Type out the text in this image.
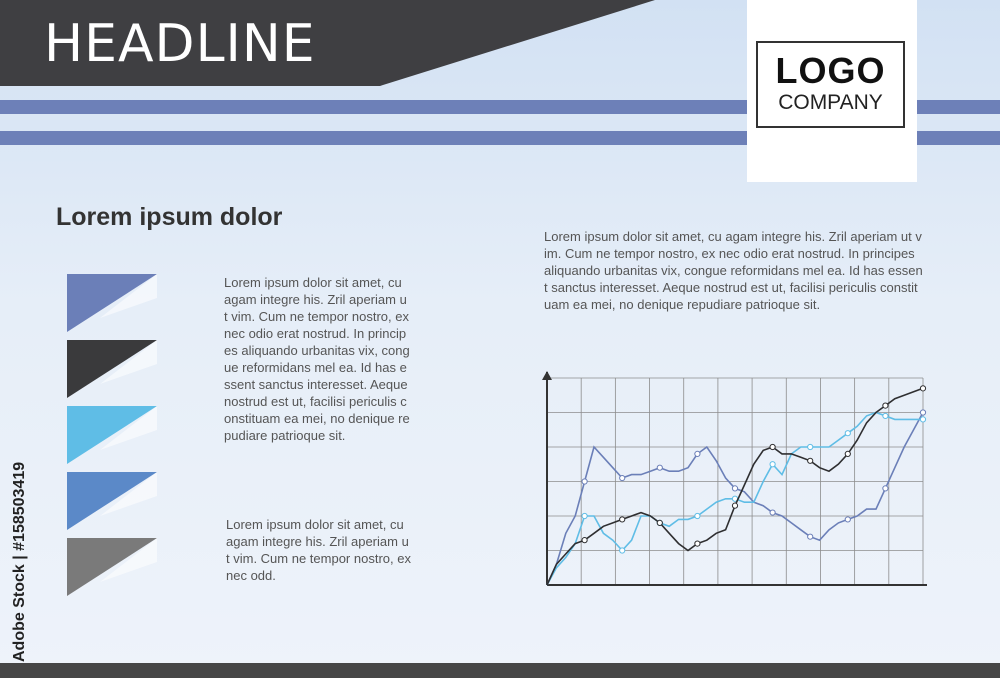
HEADLINE	LOGO
COMPANY
Lorem ipsum dolor
Lorem ipsum dolor sit amet, cu agam integre his. Zril aperiam ut vim. Cum ne tempor nostro, ex nec odio erat nostrud. In principes aliquando urbanitas vix, congue reformidans mel ea. Id has essent sanctus interesset. Aeque nostrud est ut, facilisi periculis constituam ea mei, no denique repudiare patrioque sit.
Lorem ipsum dolor sit amet, cu agam integre his. Zril aperiam ut vim. Cum ne tempor nostro, ex nec odd.
Lorem ipsum dolor sit amet, cu agam integre his. Zril aperiam ut vim. Cum ne tempor nostro, ex nec odio erat nostrud. In principes aliquando urbanitas vix, congue reformidans mel ea. Id has essent sanctus interesset. Aeque nostrud est ut, facilisi periculis constituam ea mei, no denique repudiare patrioque sit.
Adobe Stock | #158503419
